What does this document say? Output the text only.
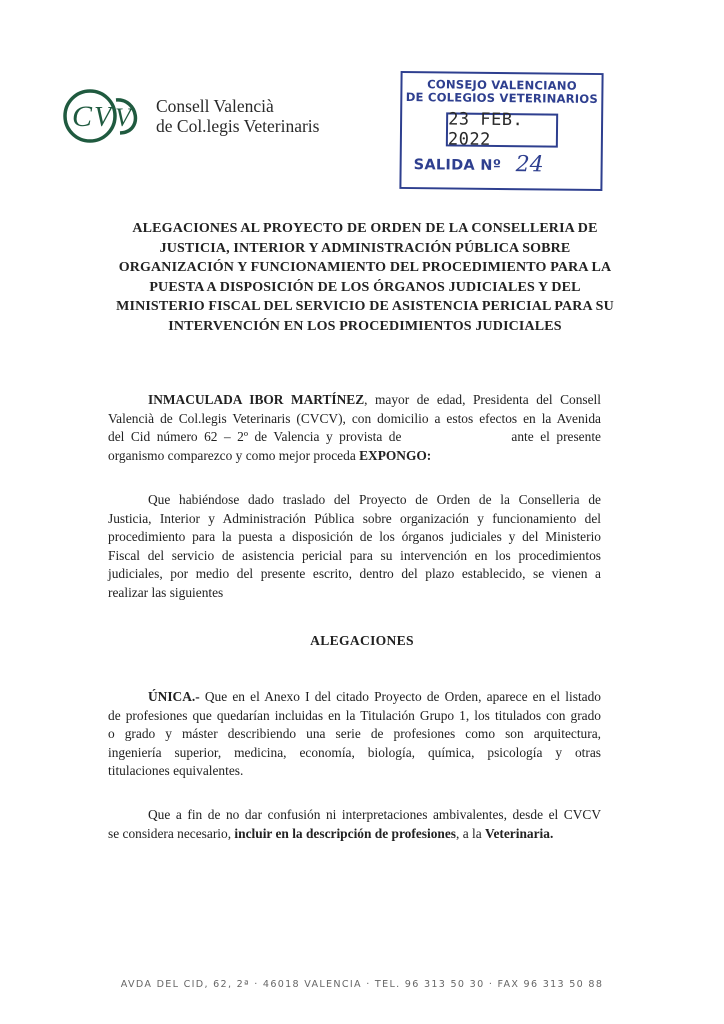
C V V Consell Valencià
de Col.legis Veterinaris
CONSEJO VALENCIANO
DE COLEGIOS VETERINARIOS
23 FEB. 2022
SALIDA Nº 24
ALEGACIONES AL PROYECTO DE ORDEN DE LA CONSELLERIA DE
JUSTICIA, INTERIOR Y ADMINISTRACIÓN PÚBLICA SOBRE
ORGANIZACIÓN Y FUNCIONAMIENTO DEL PROCEDIMIENTO PARA LA
PUESTA A DISPOSICIÓN DE LOS ÓRGANOS JUDICIALES Y DEL
MINISTERIO FISCAL DEL SERVICIO DE ASISTENCIA PERICIAL PARA SU
INTERVENCIÓN EN LOS PROCEDIMIENTOS JUDICIALES
INMACULADA IBOR MARTÍNEZ, mayor de edad, Presidenta del Consell
Valencià de Col.legis Veterinaris (CVCV), con domicilio a estos efectos en la Avenida
del Cid número 62 – 2º de Valencia y provista de	ante el presente
organismo comparezco y como mejor proceda EXPONGO:
Que habiéndose dado traslado del Proyecto de Orden de la Conselleria de
Justicia, Interior y Administración Pública sobre organización y funcionamiento del
procedimiento para la puesta a disposición de los órganos judiciales y del Ministerio
Fiscal del servicio de asistencia pericial para su intervención en los procedimientos
judiciales, por medio del presente escrito, dentro del plazo establecido, se vienen a
realizar las siguientes
ALEGACIONES
ÚNICA.- Que en el Anexo I del citado Proyecto de Orden, aparece en el listado
de profesiones que quedarían incluidas en la Titulación Grupo 1, los titulados con grado
o grado y máster describiendo una serie de profesiones como son arquitectura,
ingeniería superior, medicina, economía, biología, química, psicología y otras
titulaciones equivalentes.
Que a fin de no dar confusión ni interpretaciones ambivalentes, desde el CVCV
se considera necesario, incluir en la descripción de profesiones, a la Veterinaria.
AVDA DEL CID, 62, 2ª · 46018 VALENCIA · TEL. 96 313 50 30 · FAX 96 313 50 88
